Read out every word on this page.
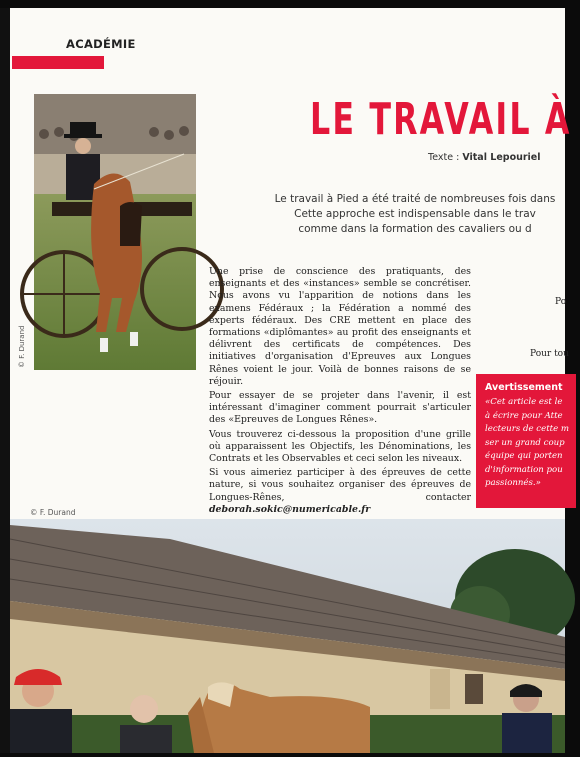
ACADÉMIE
© F. Durand
LE TRAVAIL À
Texte : Vital Lepouriel
Le travail à Pied a été traité de nombreuses fois dans
Cette approche est indispensable dans le trav
comme dans la formation des cavaliers ou d

Une prise de conscience des pratiquants, des enseignants et des «instances» semble se concrétiser. Nous avons vu l'apparition de notions dans les examens Fédéraux ; la Fédération a nommé des experts fédéraux. Des CRE mettent en place des formations «diplômantes» au profit des enseignants et délivrent des certificats de compétences. Des initiatives d'organisation d'Epreuves aux Longues Rênes voient le jour. Voilà de bonnes raisons de se réjouir.

Pour essayer de se projeter dans l'avenir, il est intéressant d'imaginer comment pourrait s'articuler des «Epreuves de Longues Rênes».

Vous trouverez ci-dessous la proposition d'une grille où apparaissent les Objectifs, les Dénominations, les Contrats et les Observables et ceci selon les niveaux.

Si vous aimeriez participer à des épreuves de cette nature, si vous souhaitez organiser des épreuves de Longues-Rênes, contacter deborah.sokic@numericable.fr

Po
Pour tou
Avertissement
«Cet article est le
à écrire pour Atte
lecteurs de cette m
ser un grand coup
équipe qui porten
d'information pou
passionnés.»
© F. Durand
